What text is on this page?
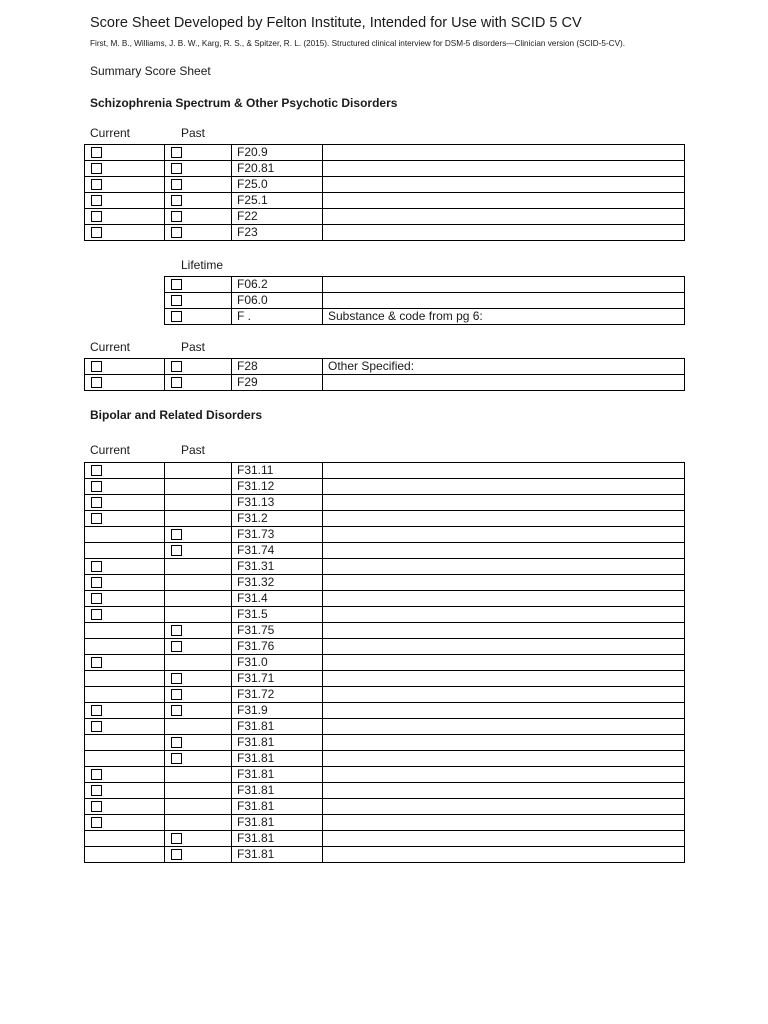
Score Sheet Developed by Felton Institute, Intended for Use with SCID 5 CV
First, M. B., Williams, J. B. W., Karg, R. S., & Spitzer, R. L. (2015). Structured clinical interview for DSM-5 disorders—Clinician version (SCID-5-CV).
Summary Score Sheet
Schizophrenia Spectrum & Other Psychotic Disorders
Current	Past
		F20.9	
		F20.81	
		F25.0	
		F25.1	
		F22	
		F23	
Lifetime
	F06.2	
	F06.0	
	F .	Substance & code from pg 6:
Current	Past
		F28	Other Specified:
		F29	
Bipolar and Related Disorders
Current	Past
		F31.11	
		F31.12	
		F31.13	
		F31.2	
		F31.73	
		F31.74	
		F31.31	
		F31.32	
		F31.4	
		F31.5	
		F31.75	
		F31.76	
		F31.0	
		F31.71	
		F31.72	
		F31.9	
		F31.81	
		F31.81	
		F31.81	
		F31.81	
		F31.81	
		F31.81	
		F31.81	
		F31.81	
		F31.81	
